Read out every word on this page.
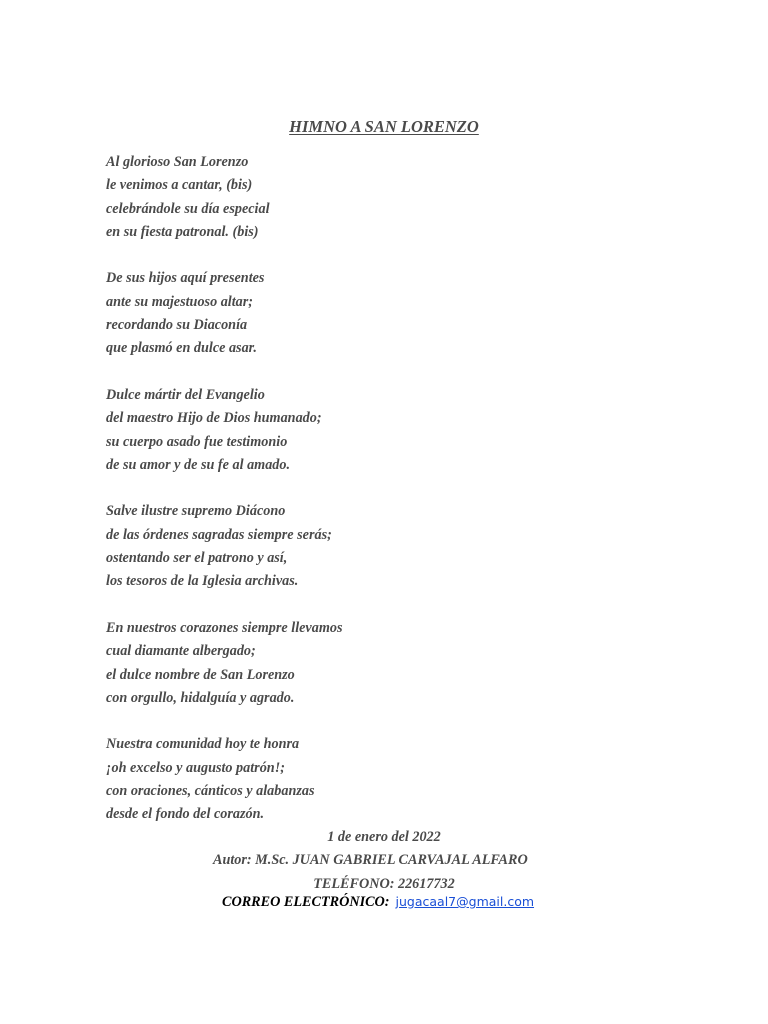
HIMNO A SAN LORENZO
Al glorioso San Lorenzo
le venimos a cantar, (bis)
celebrándole su día especial
en su fiesta patronal. (bis)
De sus hijos aquí presentes
ante su majestuoso altar;
recordando su Diaconía
que plasmó en dulce asar.
Dulce mártir del Evangelio
del maestro Hijo de Dios humanado;
su cuerpo asado fue testimonio
de su amor y de su fe al amado.
Salve ilustre supremo Diácono
de las órdenes sagradas siempre serás;
ostentando ser el patrono y así,
los tesoros de la Iglesia archivas.
En nuestros corazones siempre llevamos
cual diamante albergado;
el dulce nombre de San Lorenzo
con orgullo, hidalguía y agrado.
Nuestra comunidad hoy te honra
¡oh excelso y augusto patrón!;
con oraciones, cánticos y alabanzas
desde el fondo del corazón.
1 de enero del 2022
Autor: M.Sc. JUAN GABRIEL CARVAJAL ALFARO
TELÉFONO: 22617732
CORREO ELECTRÓNICO: jugacaal7@gmail.com
